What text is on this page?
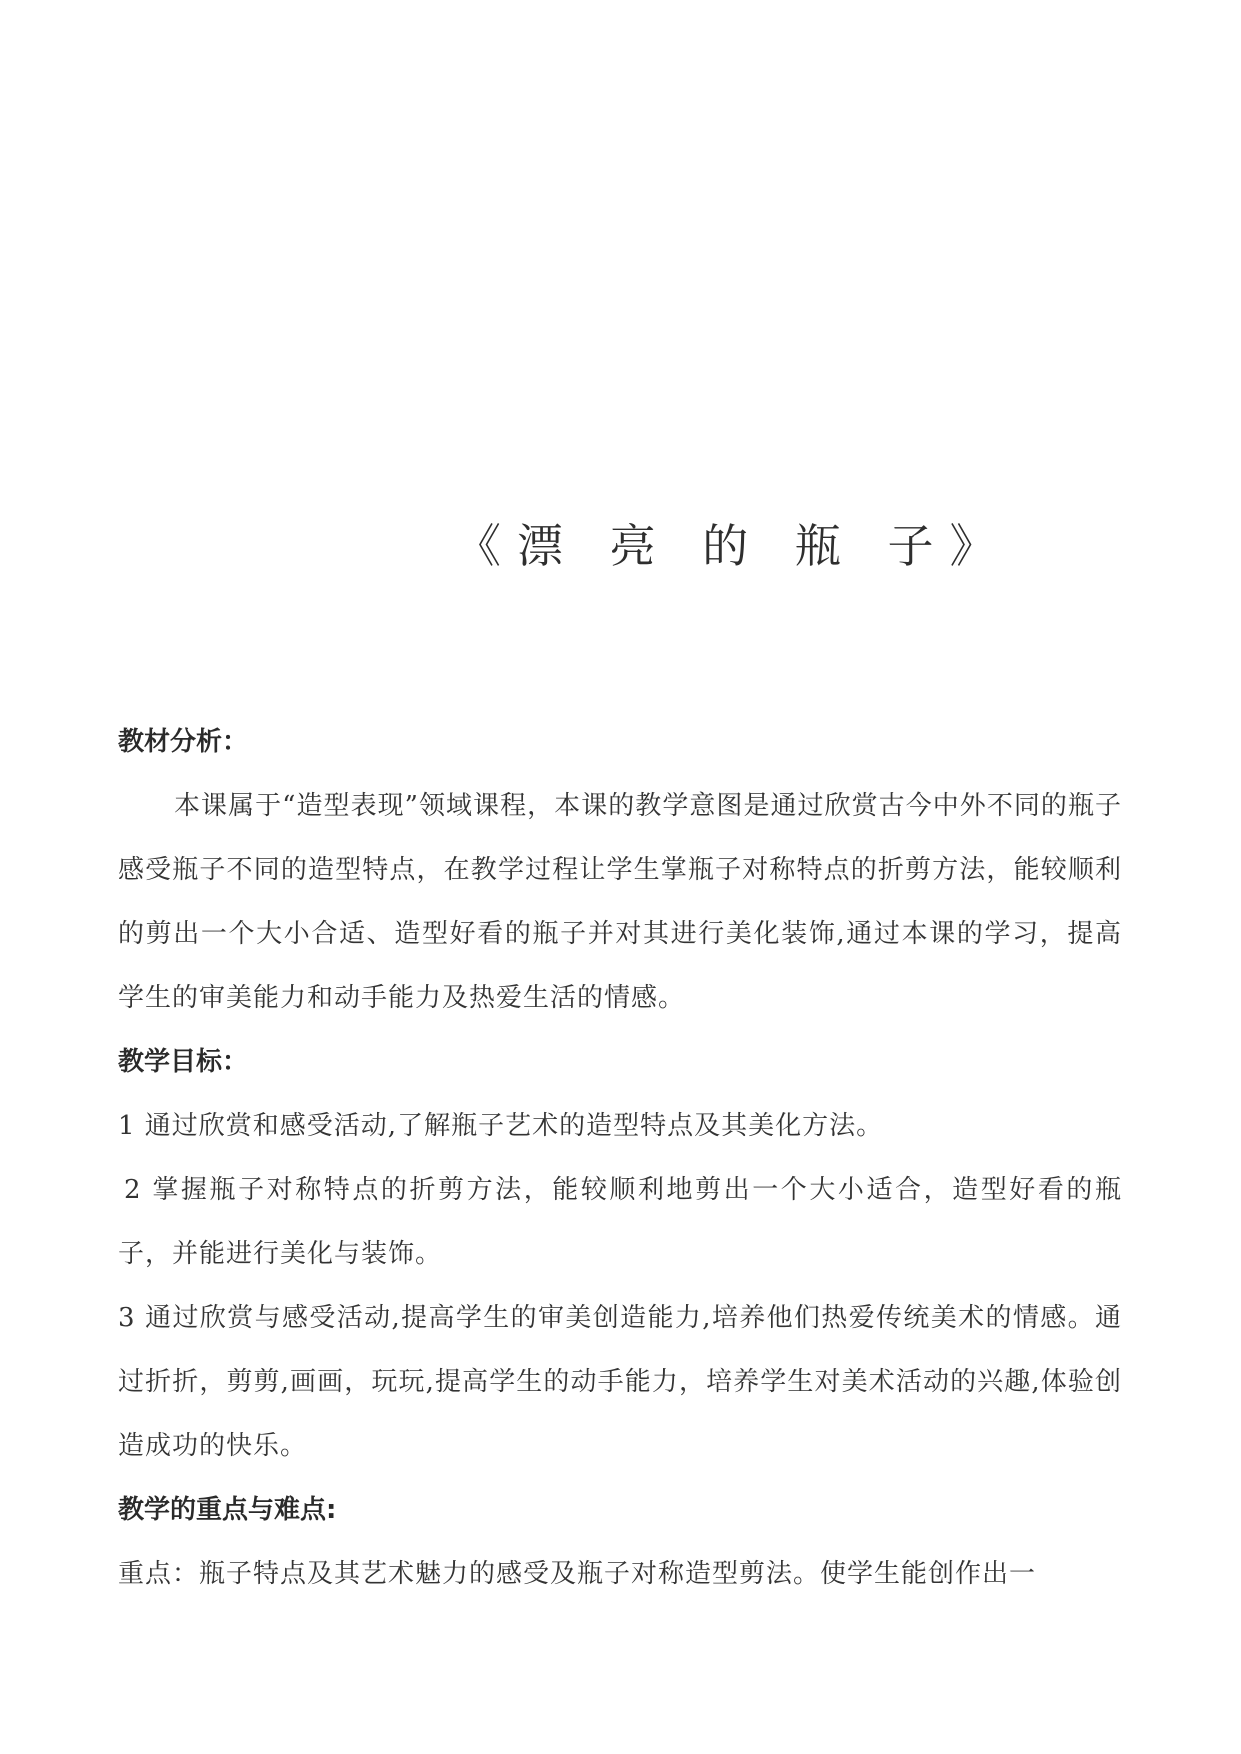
《漂 亮 的 瓶 子》

教材分析：

本课属于“造型表现”领域课程，本课的教学意图是通过欣赏古今中外不同的瓶子感受瓶子不同的造型特点，在教学过程让学生掌瓶子对称特点的折剪方法，能较顺利的剪出一个大小合适、造型好看的瓶子并对其进行美化装饰,通过本课的学习，提高学生的审美能力和动手能力及热爱生活的情感。

教学目标：

1 通过欣赏和感受活动,了解瓶子艺术的造型特点及其美化方法。

2 掌握瓶子对称特点的折剪方法，能较顺利地剪出一个大小适合，造型好看的瓶子，并能进行美化与装饰。

3 通过欣赏与感受活动,提高学生的审美创造能力,培养他们热爱传统美术的情感。通过折折，剪剪,画画，玩玩,提高学生的动手能力，培养学生对美术活动的兴趣,体验创造成功的快乐。

教学的重点与难点:

重点：瓶子特点及其艺术魅力的感受及瓶子对称造型剪法。使学生能创作出一
